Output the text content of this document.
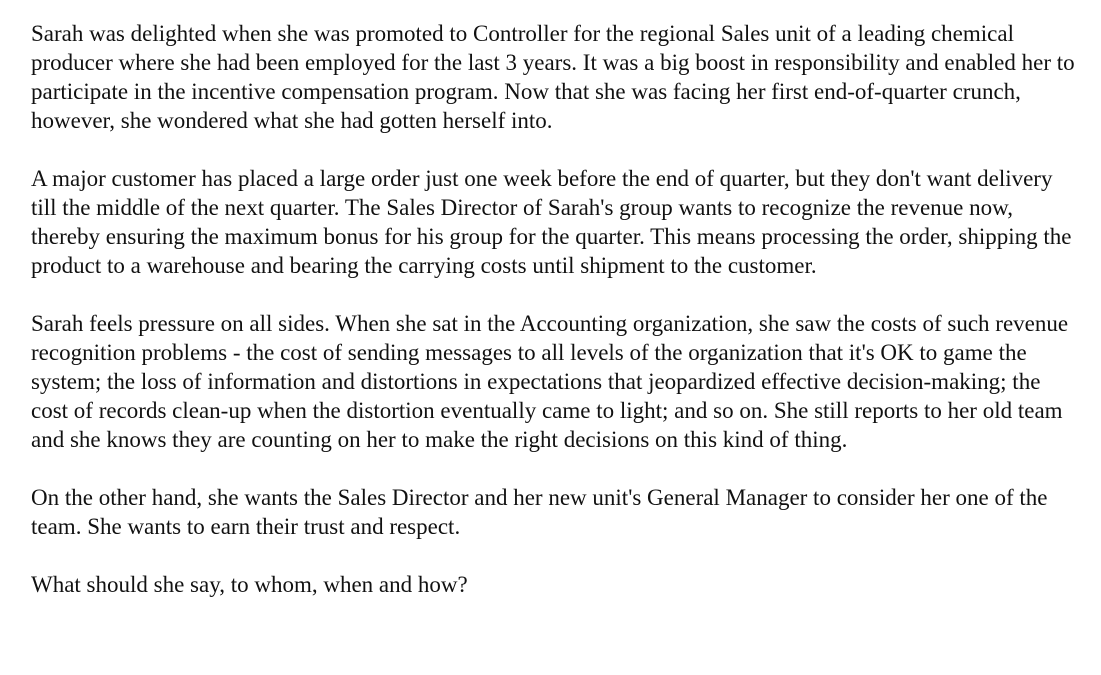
Sarah was delighted when she was promoted to Controller for the regional Sales unit of a leading chemical producer where she had been employed for the last 3 years. It was a big boost in responsibility and enabled her to participate in the incentive compensation program. Now that she was facing her first end-of-quarter crunch, however, she wondered what she had gotten herself into.

A major customer has placed a large order just one week before the end of quarter, but they don't want delivery till the middle of the next quarter. The Sales Director of Sarah's group wants to recognize the revenue now, thereby ensuring the maximum bonus for his group for the quarter. This means processing the order, shipping the product to a warehouse and bearing the carrying costs until shipment to the customer.

Sarah feels pressure on all sides. When she sat in the Accounting organization, she saw the costs of such revenue recognition problems - the cost of sending messages to all levels of the organization that it's OK to game the system; the loss of information and distortions in expectations that jeopardized effective decision-making; the cost of records clean-up when the distortion eventually came to light; and so on. She still reports to her old team and she knows they are counting on her to make the right decisions on this kind of thing.

On the other hand, she wants the Sales Director and her new unit's General Manager to consider her one of the team. She wants to earn their trust and respect.

What should she say, to whom, when and how?
